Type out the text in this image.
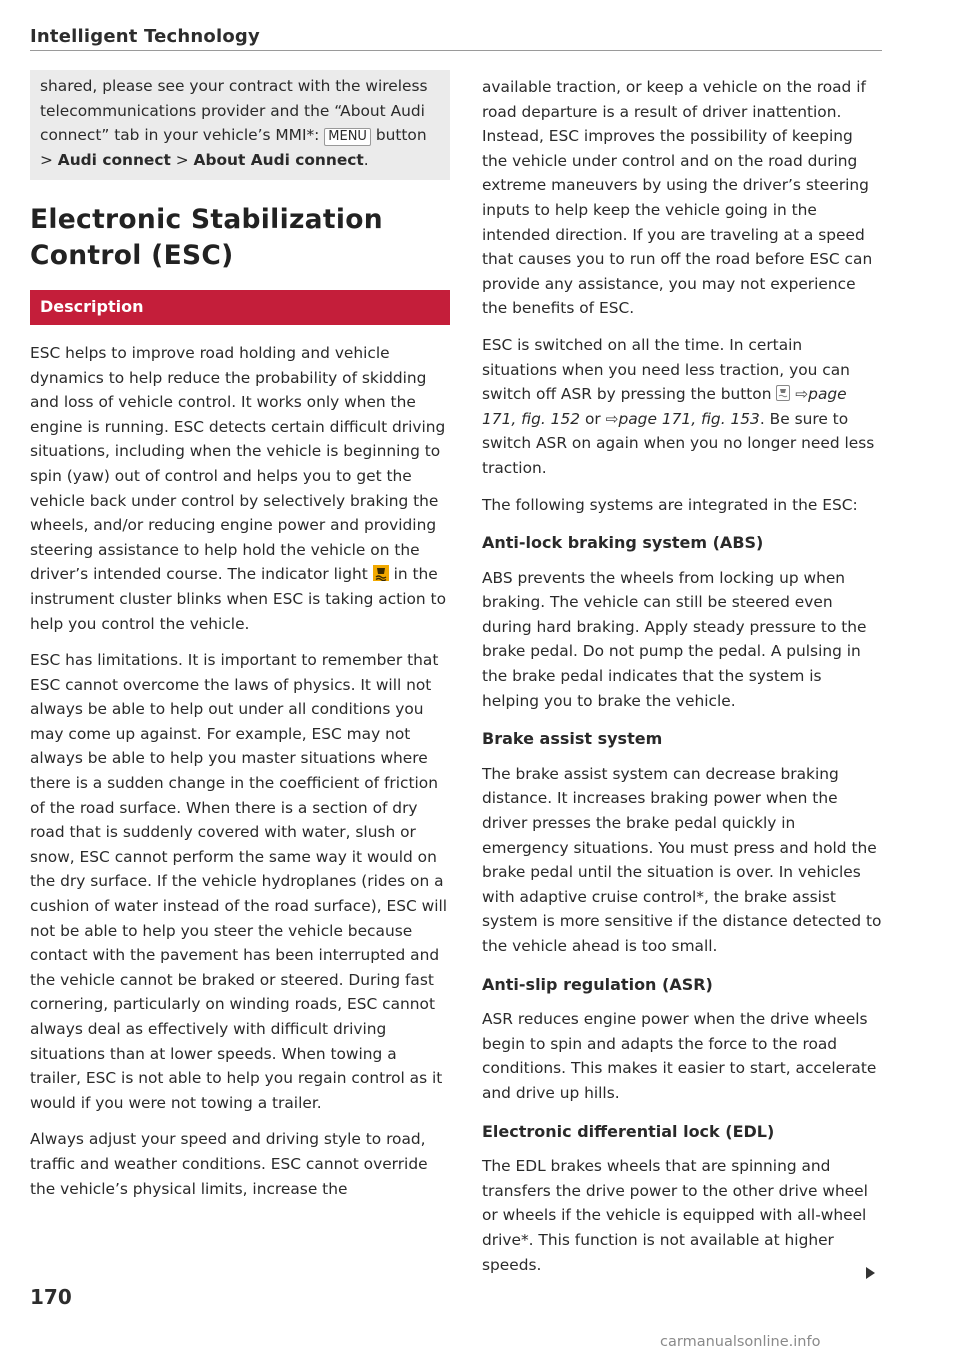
Intelligent Technology

shared, please see your contract with the wireless telecommunications provider and the “About Audi connect” tab in your vehicle’s MMI*: MENU button > Audi connect > About Audi connect.

Electronic Stabilization Control (ESC)
Description

ESC helps to improve road holding and vehicle dynamics to help reduce the probability of skidding and loss of vehicle control. It works only when the engine is running. ESC detects certain difficult driving situations, including when the vehicle is beginning to spin (yaw) out of control and helps you to get the vehicle back under control by selectively braking the wheels, and/or reducing engine power and providing steering assistance to help hold the vehicle on the driver’s intended course. The indicator light
in the instrument cluster blinks when ESC is taking action to help you control the vehicle.

ESC has limitations. It is important to remember that ESC cannot overcome the laws of physics. It will not always be able to help out under all conditions you may come up against. For example, ESC may not always be able to help you master situations where there is a sudden change in the coefficient of friction of the road surface. When there is a section of dry road that is suddenly covered with water, slush or snow, ESC cannot perform the same way it would on the dry surface. If the vehicle hydroplanes (rides on a cushion of water instead of the road surface), ESC will not be able to help you steer the vehicle because contact with the pavement has been interrupted and the vehicle cannot be braked or steered. During fast cornering, particularly on winding roads, ESC cannot always deal as effectively with difficult driving situations than at lower speeds. When towing a trailer, ESC is not able to help you regain control as it would if you were not towing a trailer.

Always adjust your speed and driving style to road, traffic and weather conditions. ESC cannot override the vehicle’s physical limits, increase the

available traction, or keep a vehicle on the road if road departure is a result of driver inattention. Instead, ESC improves the possibility of keeping the vehicle under control and on the road during extreme maneuvers by using the driver’s steering inputs to help keep the vehicle going in the intended direction. If you are traveling at a speed that causes you to run off the road before ESC can provide any assistance, you may not experience the benefits of ESC.

ESC is switched on all the time. In certain situations when you need less traction, you can switch off ASR by pressing the button
⇨page 171, fig. 152 or ⇨page 171, fig. 153. Be sure to switch ASR on again when you no longer need less traction.

The following systems are integrated in the ESC:

Anti-lock braking system (ABS)

ABS prevents the wheels from locking up when braking. The vehicle can still be steered even during hard braking. Apply steady pressure to the brake pedal. Do not pump the pedal. A pulsing in the brake pedal indicates that the system is helping you to brake the vehicle.

Brake assist system

The brake assist system can decrease braking distance. It increases braking power when the driver presses the brake pedal quickly in emergency situations. You must press and hold the brake pedal until the situation is over. In vehicles with adaptive cruise control*, the brake assist system is more sensitive if the distance detected to the vehicle ahead is too small.

Anti-slip regulation (ASR)

ASR reduces engine power when the drive wheels begin to spin and adapts the force to the road conditions. This makes it easier to start, accelerate and drive up hills.

Electronic differential lock (EDL)

The EDL brakes wheels that are spinning and transfers the drive power to the other drive wheel or wheels if the vehicle is equipped with all-wheel drive*. This function is not available at higher speeds.

170
carmanualsonline.info
